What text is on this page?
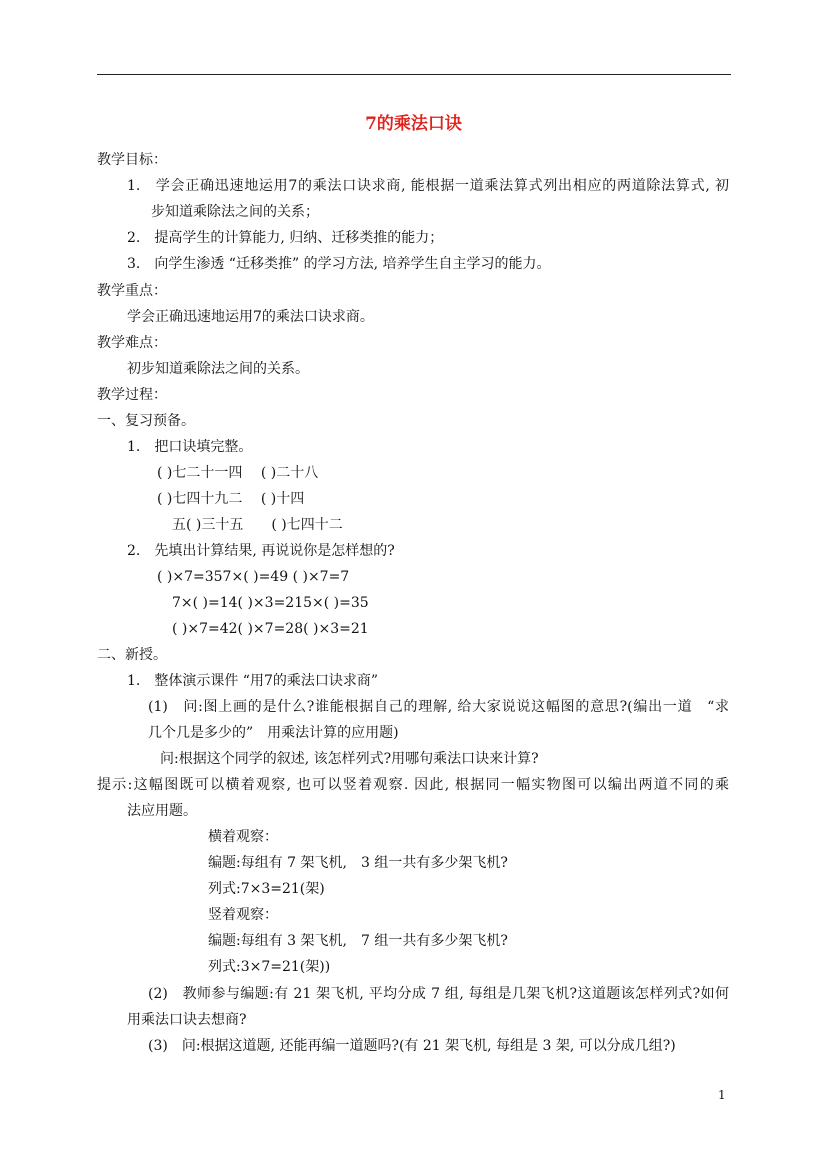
7的乘法口诀
教学目标：
1.　学会正确迅速地运用7的乘法口诀求商, 能根据一道乘法算式列出相应的两道除法算式, 初
步知道乘除法之间的关系；
2.　提高学生的计算能力, 归纳、迁移类推的能力；
3.　向学生渗透 “迁移类推” 的学习方法, 培养学生自主学习的能力。
教学重点：
学会正确迅速地运用7的乘法口诀求商。
教学难点：
初步知道乘除法之间的关系。
教学过程：
一、复习预备。
1.　把口诀填完整。
( )七二十一四　 ( )二十八
( )七四十九二　 ( )十四
五( )三十五　　( )七四十二
2.　先填出计算结果, 再说说你是怎样想的?
( )×7=357×( )=49 ( )×7=7
7×( )=14( )×3=215×( )=35
( )×7=42( )×7=28( )×3=21
二、新授。
1.　整体演示课件 “用7的乘法口诀求商”
(1)　问:图上画的是什么?谁能根据自己的理解, 给大家说说这幅图的意思?(编出一道　“求
几个几是多少的”　用乘法计算的应用题)
问:根据这个同学的叙述, 该怎样列式?用哪句乘法口诀来计算?
提示:这幅图既可以横着观察, 也可以竖着观察. 因此, 根据同一幅实物图可以编出两道不同的乘
法应用题。
横着观察：
编题:每组有 7 架飞机,　3 组一共有多少架飞机?
列式:7×3=21(架)
竖着观察：
编题:每组有 3 架飞机,　7 组一共有多少架飞机?
列式:3×7=21(架))
(2)　教师参与编题:有 21 架飞机, 平均分成 7 组, 每组是几架飞机?这道题该怎样列式?如何
用乘法口诀去想商?
(3)　问:根据这道题, 还能再编一道题吗?(有 21 架飞机, 每组是 3 架, 可以分成几组?)
1
